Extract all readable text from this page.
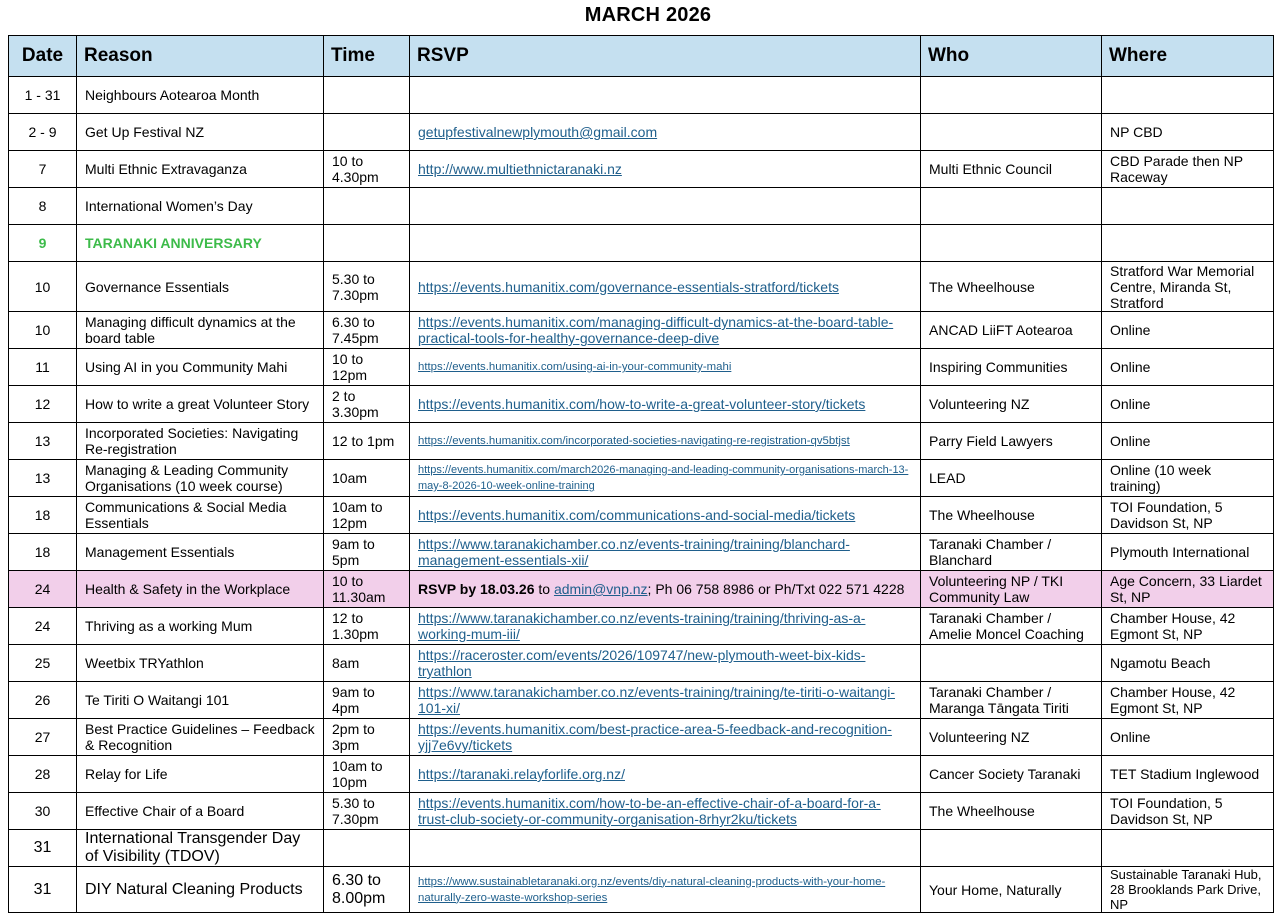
MARCH 2026
Date	Reason	Time	RSVP	Who	Where
1 - 31	Neighbours Aotearoa Month				
2 - 9	Get Up Festival NZ		getupfestivalnewplymouth@gmail.com		NP CBD
7	Multi Ethnic Extravaganza	10 to 4.30pm	http://www.multiethnictaranaki.nz	Multi Ethnic Council	CBD Parade then NP Raceway
8	International Women’s Day				
9	TARANAKI ANNIVERSARY				
10	Governance Essentials	5.30 to 7.30pm	https://events.humanitix.com/governance-essentials-stratford/tickets	The Wheelhouse	Stratford War Memorial Centre, Miranda St, Stratford
10	Managing difficult dynamics at the board table	6.30 to 7.45pm	https://events.humanitix.com/managing-difficult-dynamics-at-the-board-table-practical-tools-for-healthy-governance-deep-dive	ANCAD LiiFT Aotearoa	Online
11	Using AI in you Community Mahi	10 to 12pm	https://events.humanitix.com/using-ai-in-your-community-mahi	Inspiring Communities	Online
12	How to write a great Volunteer Story	2 to 3.30pm	https://events.humanitix.com/how-to-write-a-great-volunteer-story/tickets	Volunteering NZ	Online
13	Incorporated Societies: Navigating Re-registration	12 to 1pm	https://events.humanitix.com/incorporated-societies-navigating-re-registration-qv5btjst	Parry Field Lawyers	Online
13	Managing & Leading Community Organisations (10 week course)	10am	https://events.humanitix.com/march2026-managing-and-leading-community-organisations-march-13-may-8-2026-10-week-online-training	LEAD	Online (10 week training)
18	Communications & Social Media Essentials	10am to 12pm	https://events.humanitix.com/communications-and-social-media/tickets	The Wheelhouse	TOI Foundation, 5 Davidson St, NP
18	Management Essentials	9am to 5pm	https://www.taranakichamber.co.nz/events-training/training/blanchard-management-essentials-xii/	Taranaki Chamber / Blanchard	Plymouth International
24	Health & Safety in the Workplace	10 to 11.30am	RSVP by 18.03.26 to admin@vnp.nz; Ph 06 758 8986 or Ph/Txt 022 571 4228	Volunteering NP / TKI Community Law	Age Concern, 33 Liardet St, NP
24	Thriving as a working Mum	12 to 1.30pm	https://www.taranakichamber.co.nz/events-training/training/thriving-as-a-working-mum-iii/	Taranaki Chamber / Amelie Moncel Coaching	Chamber House, 42 Egmont St, NP
25	Weetbix TRYathlon	8am	https://raceroster.com/events/2026/109747/new-plymouth-weet-bix-kids-tryathlon		Ngamotu Beach
26	Te Tiriti O Waitangi 101	9am to 4pm	https://www.taranakichamber.co.nz/events-training/training/te-tiriti-o-waitangi-101-xi/	Taranaki Chamber / Maranga Tāngata Tiriti	Chamber House, 42 Egmont St, NP
27	Best Practice Guidelines – Feedback & Recognition	2pm to 3pm	https://events.humanitix.com/best-practice-area-5-feedback-and-recognition-yjj7e6vy/tickets	Volunteering NZ	Online
28	Relay for Life	10am to 10pm	https://taranaki.relayforlife.org.nz/	Cancer Society Taranaki	TET Stadium Inglewood
30	Effective Chair of a Board	5.30 to 7.30pm	https://events.humanitix.com/how-to-be-an-effective-chair-of-a-board-for-a-trust-club-society-or-community-organisation-8rhyr2ku/tickets	The Wheelhouse	TOI Foundation, 5 Davidson St, NP
31	International Transgender Day of Visibility (TDOV)				
31	DIY Natural Cleaning Products	6.30 to 8.00pm	https://www.sustainabletaranaki.org.nz/events/diy-natural-cleaning-products-with-your-home-naturally-zero-waste-workshop-series	Your Home, Naturally	Sustainable Taranaki Hub, 28 Brooklands Park Drive, NP
